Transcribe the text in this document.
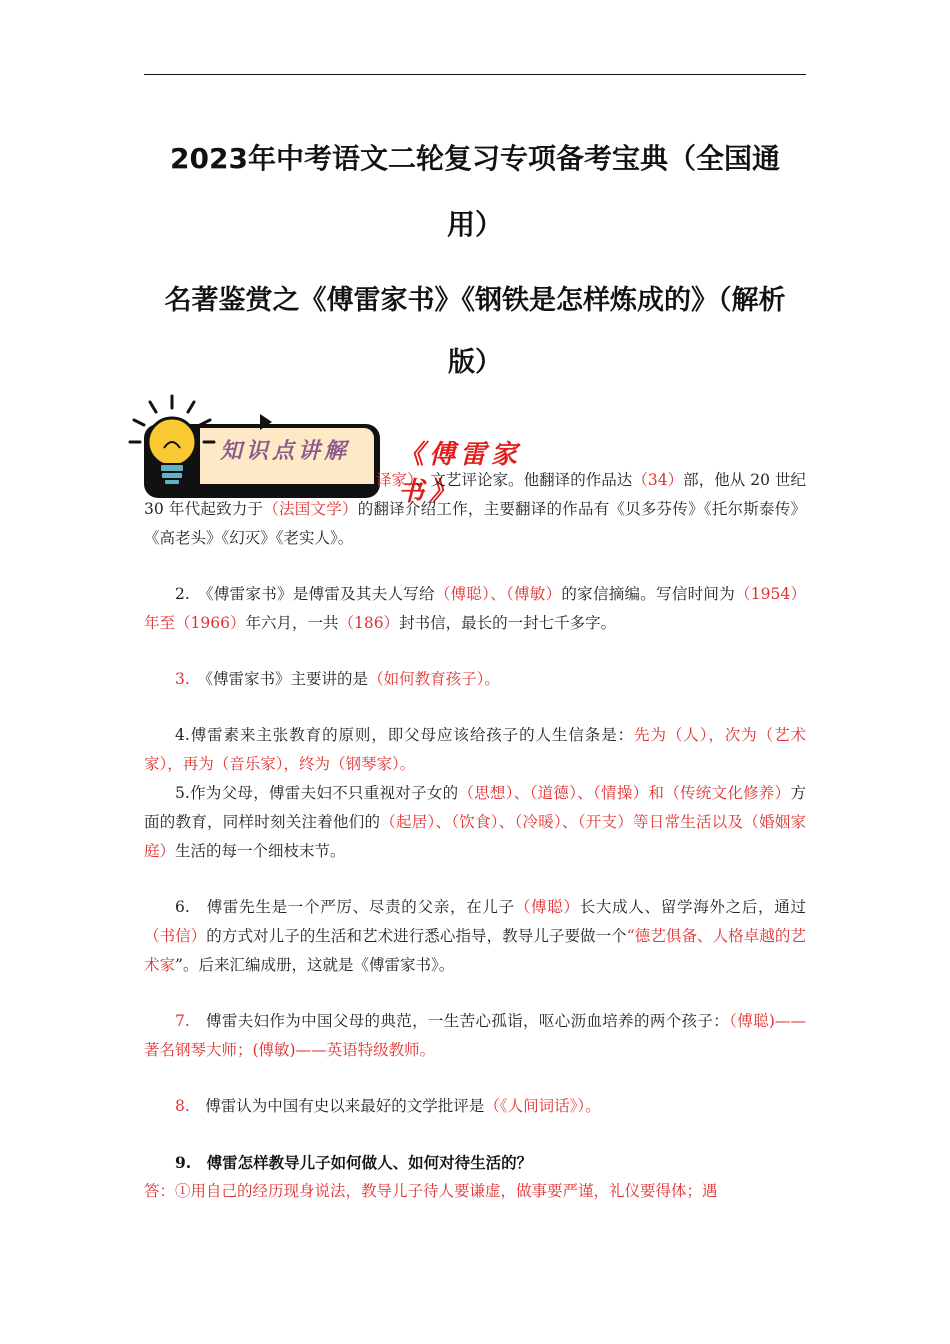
2023年中考语文二轮复习专项备考宝典（全国通
用）
名著鉴赏之《傅雷家书》《钢铁是怎样炼成的》（解析
版）
知识点讲解 《傅雷家书》

译家）、文艺评论家。他翻译的作品达（34）部，他从 20 世纪 30 年代起致力于（法国文学）的翻译介绍工作，主要翻译的作品有《贝多芬传》《托尔斯泰传》《高老头》《幻灭》《老实人》。

2.　《傅雷家书》是傅雷及其夫人写给（傅聪）、（傅敏）的家信摘编。写信时间为（1954）年至（1966）年六月，一共（186）封书信，最长的一封七千多字。

3.　《傅雷家书》主要讲的是（如何教育孩子）。

4.傅雷素来主张教育的原则，即父母应该给孩子的人生信条是：先为（人），次为（艺术家），再为（音乐家），终为（钢琴家）。

5.作为父母，傅雷夫妇不只重视对子女的（思想）、（道德）、（情操）和（传统文化修养）方面的教育，同样时刻关注着他们的（起居）、（饮食）、（冷暖）、（开支）等日常生活以及（婚姻家庭）生活的每一个细枝末节。

6.　傅雷先生是一个严厉、尽责的父亲，在儿子（傅聪）长大成人、留学海外之后，通过（书信）的方式对儿子的生活和艺术进行悉心指导，教导儿子要做一个“德艺俱备、人格卓越的艺术家”。后来汇编成册，这就是《傅雷家书》。

7.　傅雷夫妇作为中国父母的典范，一生苦心孤诣，呕心沥血培养的两个孩子：（傅聪)——著名钢琴大师；(傅敏)——英语特级教师。

8.　傅雷认为中国有史以来最好的文学批评是（《人间词话》）。

9.　傅雷怎样教导儿子如何做人、如何对待生活的？

答：①用自己的经历现身说法，教导儿子待人要谦虚，做事要严谨，礼仪要得体；遇
